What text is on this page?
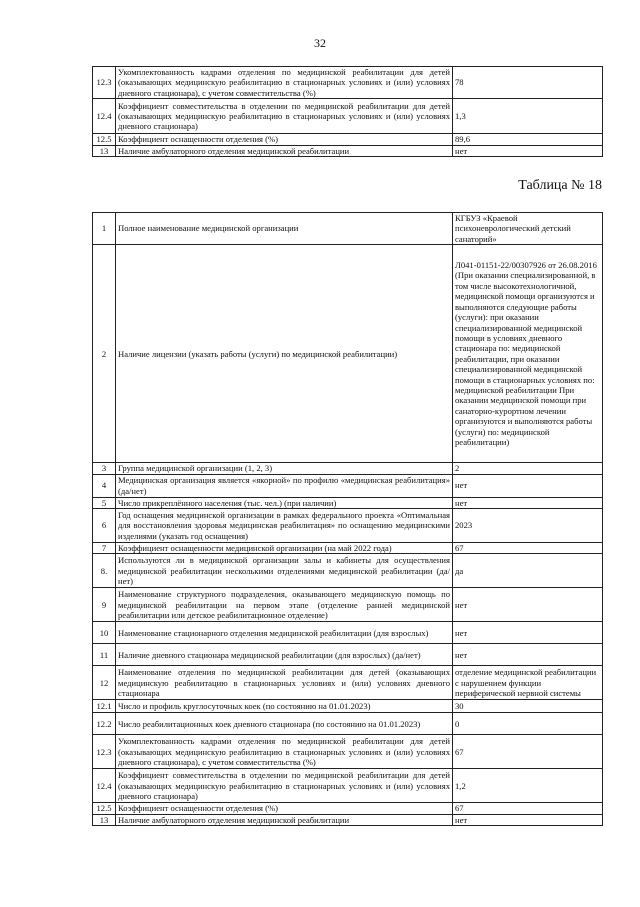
32
12.3	Укомплектованность кадрами отделения по медицинской реабилитации для детей (оказывающих медицинскую реабилитацию в стационарных условиях и (или) условиях дневного стационара), с учетом совместительства (%)	78
12.4	Коэффициент совместительства в отделении по медицинской реабилитации для детей (оказывающих медицинскую реабилитацию в стационарных условиях и (или) условиях дневного стационара)	1,3
12.5	Коэффициент оснащенности отделения (%)	89,6
13	Наличие амбулаторного отделения медицинской реабилитации	нет
Таблица № 18
1	Полное наименование медицинской организации	КГБУЗ «Краевой психоневрологический детский санаторий»
2	Наличие лицензии (указать работы (услуги) по медицинской реабилитации)	Л041-01151-22/00307926 от 26.08.2016 (При оказании специализированной, в том числе высокотехнологичной, медицинской помощи организуются и выполняются следующие работы (услуги): при оказании специализированной медицинской помощи в условиях дневного стационара по: медицинской реабилитации, при оказании специализированной медицинской помощи в стационарных условиях по: медицинской реабилитации При оказании медицинской помощи при санаторно-курортном лечении организуются и выполняются работы (услуги) по: медицинской реабилитации)
3	Группа медицинской организации (1, 2, 3)	2
4	Медицинская организация является «якорной» по профилю «медицинская реабилитация» (да/нет)	нет
5	Число прикреплённого населения (тыс. чел.) (при наличии)	нет
6	Год оснащения медицинской организации в рамках федерального проекта «Оптимальная для восстановления здоровья медицинская реабилитация» по оснащению медицинскими изделиями (указать год оснащения)	2023
7	Коэффициент оснащенности медицинской организации (на май 2022 года)	67
8.	Используются ли в медицинской организации залы и кабинеты для осуществления медицинской реабилитации несколькими отделениями медицинской реабилитации (да/нет)	да
9	Наименование структурного подразделения, оказывающего медицинскую помощь по медицинской реабилитации на первом этапе (отделение ранней медицинской реабилитации или детское реабилитационное отделение)	нет
10	Наименование стационарного отделения медицинской реабилитации (для взрослых)	нет
11	Наличие дневного стационара медицинской реабилитации (для взрослых) (да/нет)	нет
12	Наименование отделения по медицинской реабилитации для детей (оказывающих медицинскую реабилитацию в стационарных условиях и (или) условиях дневного стационара	отделение медицинской реабилитации с нарушением функции периферической нервной системы
12.1	Число и профиль круглосуточных коек (по состоянию на 01.01.2023)	30
12.2	Число реабилитационных коек дневного стационара (по состоянию на 01.01.2023)	0
12.3	Укомплектованность кадрами отделения по медицинской реабилитации для детей (оказывающих медицинскую реабилитацию в стационарных условиях и (или) условиях дневного стационара), с учетом совместительства (%)	67
12.4	Коэффициент совместительства в отделении по медицинской реабилитации для детей (оказывающих медицинскую реабилитацию в стационарных условиях и (или) условиях дневного стационара)	1,2
12.5	Коэффициент оснащенности отделения (%)	67
13	Наличие амбулаторного отделения медицинской реабилитации	нет
